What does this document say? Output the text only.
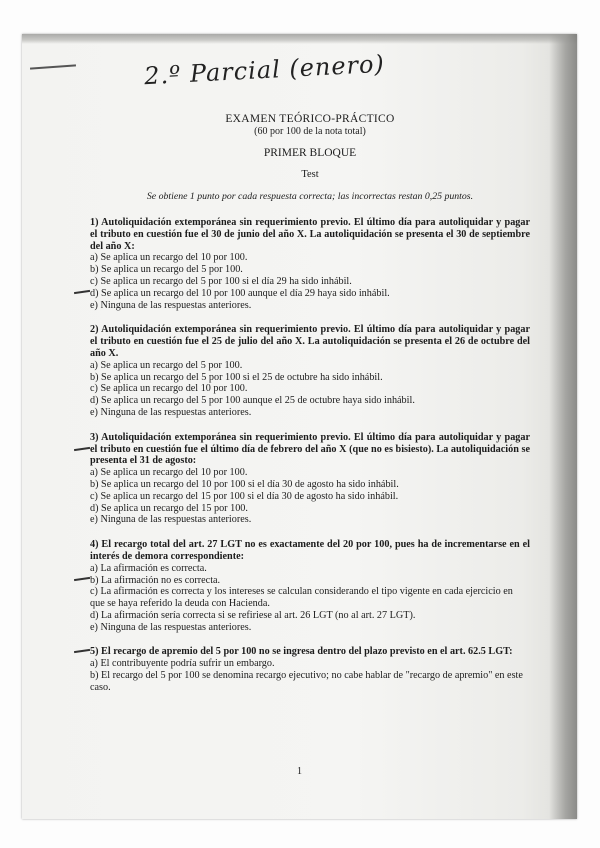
2.º Parcial (enero)
EXAMEN TEÓRICO-PRÁCTICO
(60 por 100 de la nota total)
PRIMER BLOQUE
Test
Se obtiene 1 punto por cada respuesta correcta; las incorrectas restan 0,25 puntos.
1) Autoliquidación extemporánea sin requerimiento previo. El último día para autoliquidar y pagar el tributo en cuestión fue el 30 de junio del año X. La autoliquidación se presenta el 30 de septiembre del año X:
a) Se aplica un recargo del 10 por 100.
b) Se aplica un recargo del 5 por 100.
c) Se aplica un recargo del 5 por 100 si el día 29 ha sido inhábil.
d) Se aplica un recargo del 10 por 100 aunque el día 29 haya sido inhábil.
e) Ninguna de las respuestas anteriores.
2) Autoliquidación extemporánea sin requerimiento previo. El último día para autoliquidar y pagar el tributo en cuestión fue el 25 de julio del año X. La autoliquidación se presenta el 26 de octubre del año X.
a) Se aplica un recargo del 5 por 100.
b) Se aplica un recargo del 5 por 100 si el 25 de octubre ha sido inhábil.
c) Se aplica un recargo del 10 por 100.
d) Se aplica un recargo del 5 por 100 aunque el 25 de octubre haya sido inhábil.
e) Ninguna de las respuestas anteriores.
3) Autoliquidación extemporánea sin requerimiento previo. El último día para autoliquidar y pagar el tributo en cuestión fue el último día de febrero del año X (que no es bisiesto). La autoliquidación se presenta el 31 de agosto:
a) Se aplica un recargo del 10 por 100.
b) Se aplica un recargo del 10 por 100 si el día 30 de agosto ha sido inhábil.
c) Se aplica un recargo del 15 por 100 si el día 30 de agosto ha sido inhábil.
d) Se aplica un recargo del 15 por 100.
e) Ninguna de las respuestas anteriores.
4) El recargo total del art. 27 LGT no es exactamente del 20 por 100, pues ha de incrementarse en el interés de demora correspondiente:
a) La afirmación es correcta.
b) La afirmación no es correcta.
c) La afirmación es correcta y los intereses se calculan considerando el tipo vigente en cada ejercicio en que se haya referido la deuda con Hacienda.
d) La afirmación sería correcta si se refiriese al art. 26 LGT (no al art. 27 LGT).
e) Ninguna de las respuestas anteriores.
5) El recargo de apremio del 5 por 100 no se ingresa dentro del plazo previsto en el art. 62.5 LGT:
a) El contribuyente podría sufrir un embargo.
b) El recargo del 5 por 100 se denomina recargo ejecutivo; no cabe hablar de "recargo de apremio" en este caso.
1
